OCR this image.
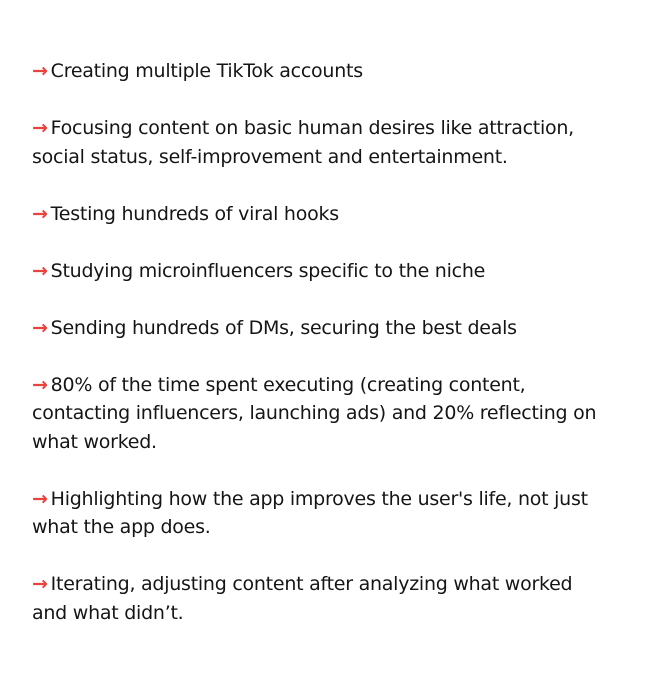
→ Creating multiple TikTok accounts

→ Focusing content on basic human desires like attraction, social status, self-improvement and entertainment.

→ Testing hundreds of viral hooks

→ Studying microinfluencers specific to the niche

→ Sending hundreds of DMs, securing the best deals

→ 80% of the time spent executing (creating content, contacting influencers, launching ads) and 20% reflecting on what worked.

→ Highlighting how the app improves the user's life, not just what the app does.

→ Iterating, adjusting content after analyzing what worked and what didn’t.
